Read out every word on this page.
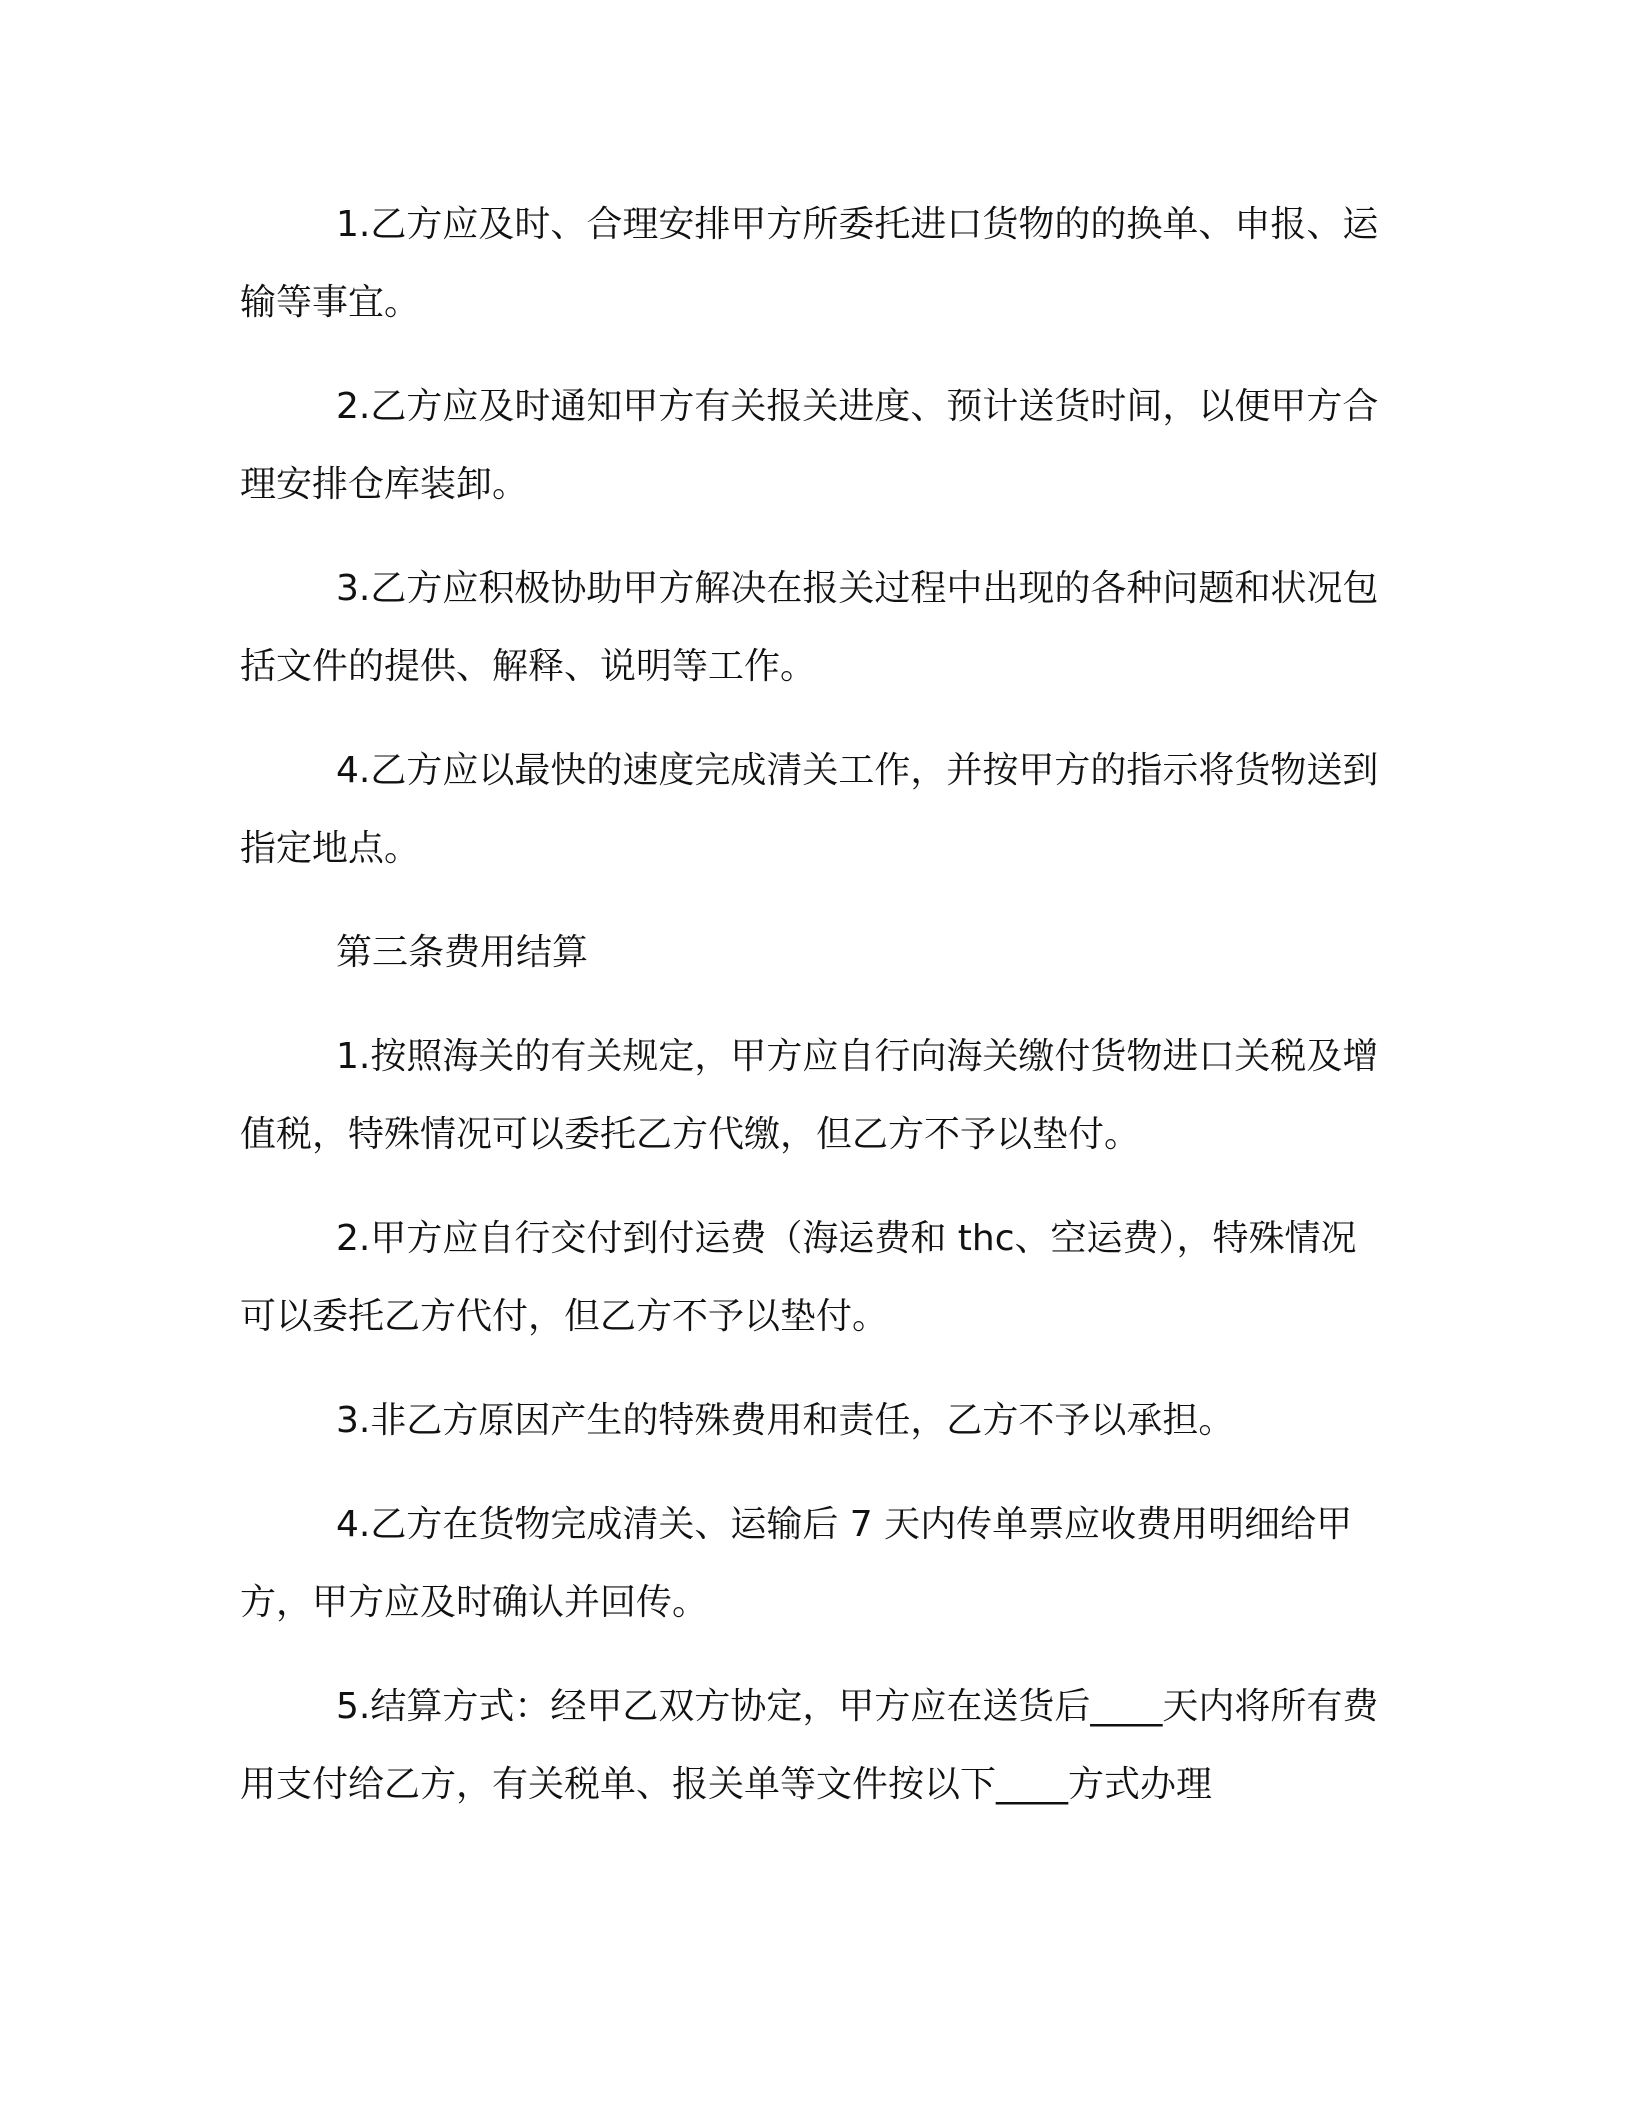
1.乙方应及时、合理安排甲方所委托进口货物的的换单、申报、运输等事宜。

2.乙方应及时通知甲方有关报关进度、预计送货时间，以便甲方合理安排仓库装卸。

3.乙方应积极协助甲方解决在报关过程中出现的各种问题和状况包括文件的提供、解释、说明等工作。

4.乙方应以最快的速度完成清关工作，并按甲方的指示将货物送到指定地点。

第三条费用结算

1.按照海关的有关规定，甲方应自行向海关缴付货物进口关税及增值税，特殊情况可以委托乙方代缴，但乙方不予以垫付。

2.甲方应自行交付到付运费（海运费和 thc、空运费），特殊情况可以委托乙方代付，但乙方不予以垫付。

3.非乙方原因产生的特殊费用和责任，乙方不予以承担。

4.乙方在货物完成清关、运输后 7 天内传单票应收费用明细给甲方，甲方应及时确认并回传。

5.结算方式：经甲乙双方协定，甲方应在送货后____天内将所有费用支付给乙方，有关税单、报关单等文件按以下____方式办理
